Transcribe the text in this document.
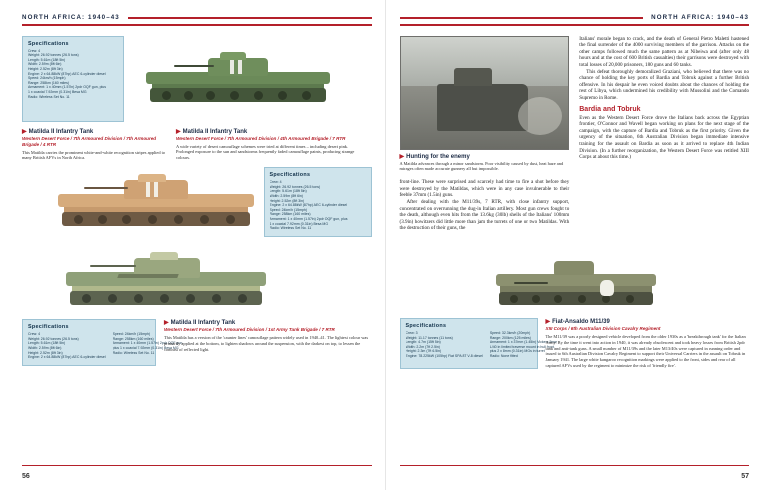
NORTH AFRICA: 1940–43
Specifications
Crew: 4
Weight: 26.92 tonnes (26.5 tons)
Length: 5.61m (18ft 5in)
Width: 2.59m (8ft 6in)
Height: 2.52m (8ft 3in)
Engine: 2 x 64.88kW (87hp) AEC 6-cylinder diesel
Speed: 24km/h (15mph)
Range: 258km (160 miles)
Armament: 1 x 40mm (1.57in) 2pdr OQF gun, plus
1 x coaxial 7.92mm (0.31in) Besa MG
Radio: Wireless Set No. 11
▶ Matilda II Infantry Tank
Western Desert Force / 7th Armoured Division / 7th Armoured Brigade / 4 RTR
This Matilda carries the prominent white-and-white recognition stripes applied to many British AFVs in North Africa.
▶ Matilda II Infantry Tank
Western Desert Force / 7th Armoured Division / 4th Armoured Brigade / 7 RTR
A wide variety of desert camouflage schemes were tried at different times – including desert pink. Prolonged exposure to the sun and sandstorms frequently faded camouflage paints, producing strange colours.
Specifications
Crew: 4
Weight: 26.92 tonnes (26.5 tons)
Length: 5.61m (18ft 5in)
Width: 2.59m (8ft 6in)
Height: 2.52m (8ft 3in)
Engine: 2 x 64.88kW (87hp) AEC 6-cylinder diesel
Speed: 24km/h (15mph)
Range: 258km (160 miles)
Armament: 1 x 40mm (1.57in) 2pdr OQF gun, plus
1 x coaxial 7.92mm (0.31in) Besa MG
Radio: Wireless Set No. 11
Specifications
Crew: 4
Weight: 26.92 tonnes (26.5 tons)
Length: 5.61m (18ft 5in)
Width: 2.59m (8ft 6in)
Height: 2.52m (8ft 3in)
Engine: 2 x 64.88kW (87hp) AEC 6-cylinder diesel
Speed: 24km/h (15mph)
Range: 258km (160 miles)
Armament: 1 x 40mm (1.57in) 2pdr OQF gun,
plus 1 x coaxial 7.92mm (0.31in) Besa MG
Radio: Wireless Set No. 11
▶ Matilda II Infantry Tank
Western Desert Force / 7th Armoured Division / 1st Army Tank Brigade / 7 RTR
This Matilda has a version of the 'caunter lines' camouflage pattern widely used in 1940–41. The lightest colour was primarily applied at the bottom, to lighten shadows around the suspension, with the darkest on top, to lessen the contrast of reflected light.
56
NORTH AFRICA: 1940–43
▶ Hunting for the enemy
A Matilda advances through a minor sandstorm. Poor visibility caused by dust, heat haze and mirages often made accurate gunnery all but impossible.

front-line. These were surprised and scarcely had time to fire a shot before they were destroyed by the Matildas, which were in any case invulnerable to their feeble 37mm (1.5in) guns.

After dealing with the M11/39s, 7 RTR, with close infantry support, concentrated on overrunning the dug-in Italian artillery. Most gun crews fought to the death, although even hits from the 13.6kg (30lb) shells of the Italians' 100mm (3.9in) howitzers did little more than jam the turrets of one or two Matildas. With the destruction of their guns, the

Italians' morale began to crack, and the death of General Pietro Maletti hastened the final surrender of the 4000 surviving members of the garrison. Attacks on the other camps followed much the same pattern as at Nibeiwa and (after only 48 hours and at the cost of 600 British casualties) their garrisons were destroyed with total losses of 20,000 prisoners, 180 guns and 60 tanks.

This defeat thoroughly demoralized Graziani, who believed that there was no chance of holding the key ports of Bardia and Tobruk against a further British offensive. In his despair he even voiced doubts about the chances of holding the rest of Libya, which undermined his credibility with Mussolini and the Comando Supremo in Rome.

Bardia and Tobruk

Even as the Western Desert Force drove the Italians back across the Egyptian frontier, O'Connor and Wavell began working on plans for the next stage of the campaign, with the capture of Bardia and Tobruk as the first priority. Given the urgency of the situation, 6th Australian Division began immediate intensive training for the assault on Bardia as soon as it arrived to replace 4th Indian Division. (In a further reorganization, the Western Desert Force was retitled XIII Corps at about this time.)

Specifications
Crew: 3
Weight: 11.17 tonnes (11 tons)
Length: 4.7m (15ft 5in)
Width: 2.2m (7ft 2.5in)
Height: 2.3m (7ft 6.5in)
Engine: 78.225kW (105hp) Fiat SPA 8T V-8 diesel
Speed: 32.3km/h (20mph)
Range: 200km (125 miles)
Armament: 1 x 37mm (1.45in) Vickers 5mm
L/40 in limited traverse mount in hull front,
plus 2 x 8mm (0.31in) MGs in turret
Radio: None fitted
▶ Fiat-Ansaldo M11/39
XIII Corps / 6th Australian Division Cavalry Regiment
The M11/39 was a poorly designed vehicle developed from the older 1930s as a 'breakthrough tank' for the Italian Army. By the time it went into action in 1940, it was already obsolescent and took heavy losses from British 2pdr tank and anti-tank guns. A small number of M11/39s and the later M13/40s were captured in running order and issued to 6th Australian Division Cavalry Regiment to support their Universal Carriers in the assault on Tobruk in January 1941. The large white kangaroo recognition markings were applied to the front, sides and rear of all captured AFVs used by the regiment to minimize the risk of 'friendly fire'.
57
